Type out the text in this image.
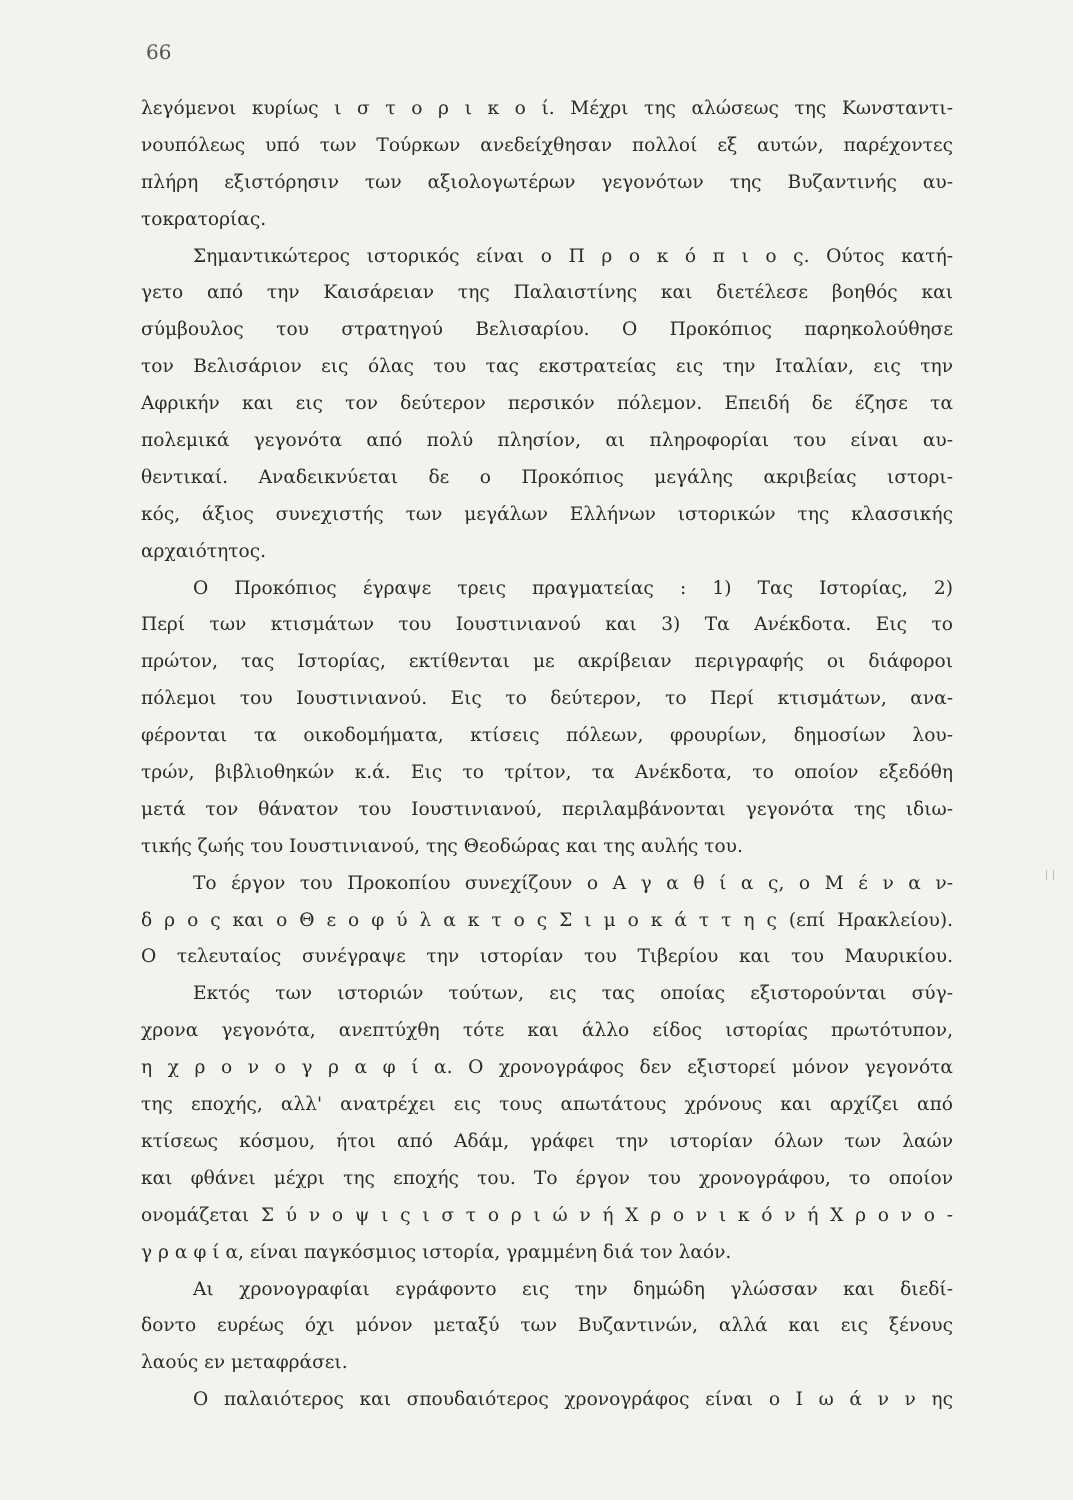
66
λεγόμενοι κυρίως ι σ τ ο ρ ι κ ο ί. Μέχρι της αλώσεως της Κωνσταντι-
νουπόλεως υπό των Τούρκων ανεδείχθησαν πολλοί εξ αυτών, παρέχοντες
πλήρη εξιστόρησιν των αξιολογωτέρων γεγονότων της Βυζαντινής αυ-
τοκρατορίας.
Σημαντικώτερος ιστορικός είναι ο Π ρ ο κ ό π ι ο ς. Ούτος κατή-
γετο από την Καισάρειαν της Παλαιστίνης και διετέλεσε βοηθός και
σύμβουλος του στρατηγού Βελισαρίου. Ο Προκόπιος παρηκολούθησε
τον Βελισάριον εις όλας του τας εκστρατείας εις την Ιταλίαν, εις την
Αφρικήν και εις τον δεύτερον περσικόν πόλεμον. Επειδή δε έζησε τα
πολεμικά γεγονότα από πολύ πλησίον, αι πληροφορίαι του είναι αυ-
θεντικαί. Αναδεικνύεται δε ο Προκόπιος μεγάλης ακριβείας ιστορι-
κός, άξιος συνεχιστής των μεγάλων Ελλήνων ιστορικών της κλασσικής
αρχαιότητος.
Ο Προκόπιος έγραψε τρεις πραγματείας : 1) Τας Ιστορίας, 2)
Περί των κτισμάτων του Ιουστινιανού και 3) Τα Ανέκδοτα. Εις το
πρώτον, τας Ιστορίας, εκτίθενται με ακρίβειαν περιγραφής οι διάφοροι
πόλεμοι του Ιουστινιανού. Εις το δεύτερον, το Περί κτισμάτων, ανα-
φέρονται τα οικοδομήματα, κτίσεις πόλεων, φρουρίων, δημοσίων λου-
τρών, βιβλιοθηκών κ.ά. Εις το τρίτον, τα Ανέκδοτα, το οποίον εξεδόθη
μετά τον θάνατον του Ιουστινιανού, περιλαμβάνονται γεγονότα της ιδιω-
τικής ζωής του Ιουστινιανού, της Θεοδώρας και της αυλής του.
Το έργον του Προκοπίου συνεχίζουν ο Α γ α θ ί α ς, ο Μ έ ν α ν-
δ ρ ο ς και ο Θ ε ο φ ύ λ α κ τ ο ς Σ ι μ ο κ ά τ τ η ς (επί Ηρακλείου).
Ο τελευταίος συνέγραψε την ιστορίαν του Τιβερίου και του Μαυρικίου.
Εκτός των ιστοριών τούτων, εις τας οποίας εξιστορούνται σύγ-
χρονα γεγονότα, ανεπτύχθη τότε και άλλο είδος ιστορίας πρωτότυπον,
η χ ρ ο ν ο γ ρ α φ ί α. Ο χρονογράφος δεν εξιστορεί μόνον γεγονότα
της εποχής, αλλ' ανατρέχει εις τους απωτάτους χρόνους και αρχίζει από
κτίσεως κόσμου, ήτοι από Αδάμ, γράφει την ιστορίαν όλων των λαών
και φθάνει μέχρι της εποχής του. Το έργον του χρονογράφου, το οποίον
ονομάζεται Σ ύ ν ο ψ ι ς ι σ τ ο ρ ι ώ ν ή Χ ρ ο ν ι κ ό ν ή Χ ρ ο ν ο -
γ ρ α φ ί α, είναι παγκόσμιος ιστορία, γραμμένη διά τον λαόν.
Αι χρονογραφίαι εγράφοντο εις την δημώδη γλώσσαν και διεδί-
δοντο ευρέως όχι μόνον μεταξύ των Βυζαντινών, αλλά και εις ξένους
λαούς εν μεταφράσει.
Ο παλαιότερος και σπουδαιότερος χρονογράφος είναι ο Ι ω ά ν ν ης
